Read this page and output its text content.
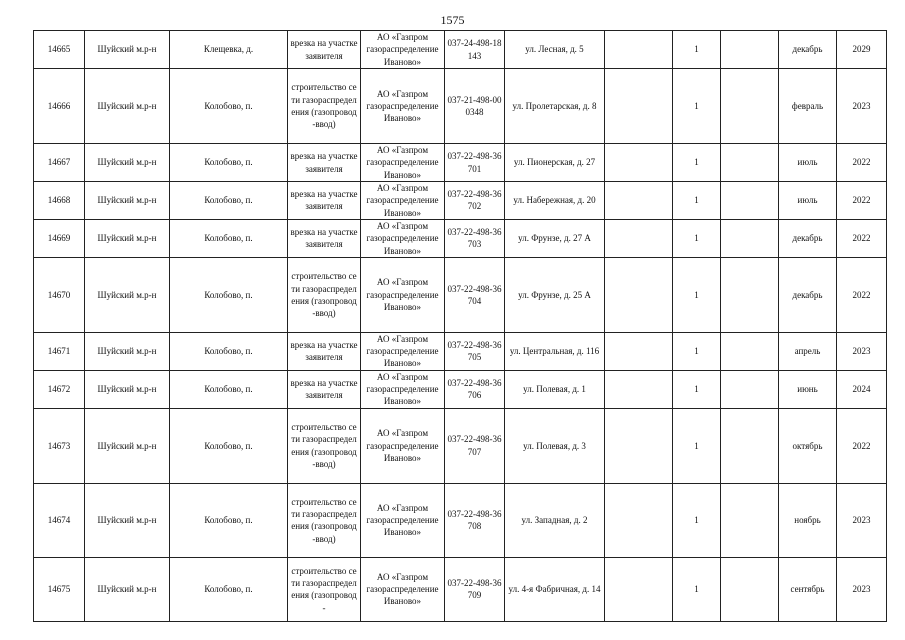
1575
14665	Шуйский м.р-н	Клещевка, д.	врезка на участке заявителя	АО «Газпром газораспределение Иваново»	037-24-498-18143	ул. Лесная, д. 5		1		декабрь	2029
14666	Шуйский м.р-н	Колобово, п.	строительство сети газораспределения (газопровод-ввод)	АО «Газпром газораспределение Иваново»	037-21-498-000348	ул. Пролетарская, д. 8		1		февраль	2023
14667	Шуйский м.р-н	Колобово, п.	врезка на участке заявителя	АО «Газпром газораспределение Иваново»	037-22-498-36701	ул. Пионерская, д. 27		1		июль	2022
14668	Шуйский м.р-н	Колобово, п.	врезка на участке заявителя	АО «Газпром газораспределение Иваново»	037-22-498-36702	ул. Набережная, д. 20		1		июль	2022
14669	Шуйский м.р-н	Колобово, п.	врезка на участке заявителя	АО «Газпром газораспределение Иваново»	037-22-498-36703	ул. Фрунзе, д. 27 А		1		декабрь	2022
14670	Шуйский м.р-н	Колобово, п.	строительство сети газораспределения (газопровод-ввод)	АО «Газпром газораспределение Иваново»	037-22-498-36704	ул. Фрунзе, д. 25 А		1		декабрь	2022
14671	Шуйский м.р-н	Колобово, п.	врезка на участке заявителя	АО «Газпром газораспределение Иваново»	037-22-498-36705	ул. Центральная, д. 116		1		апрель	2023
14672	Шуйский м.р-н	Колобово, п.	врезка на участке заявителя	АО «Газпром газораспределение Иваново»	037-22-498-36706	ул. Полевая, д. 1		1		июнь	2024
14673	Шуйский м.р-н	Колобово, п.	строительство сети газораспределения (газопровод-ввод)	АО «Газпром газораспределение Иваново»	037-22-498-36707	ул. Полевая, д. 3		1		октябрь	2022
14674	Шуйский м.р-н	Колобово, п.	строительство сети газораспределения (газопровод-ввод)	АО «Газпром газораспределение Иваново»	037-22-498-36708	ул. Западная, д. 2		1		ноябрь	2023
14675	Шуйский м.р-н	Колобово, п.	строительство сети газораспределения (газопровод-	АО «Газпром газораспределение Иваново»	037-22-498-36709	ул. 4-я Фабричная, д. 14		1		сентябрь	2023
